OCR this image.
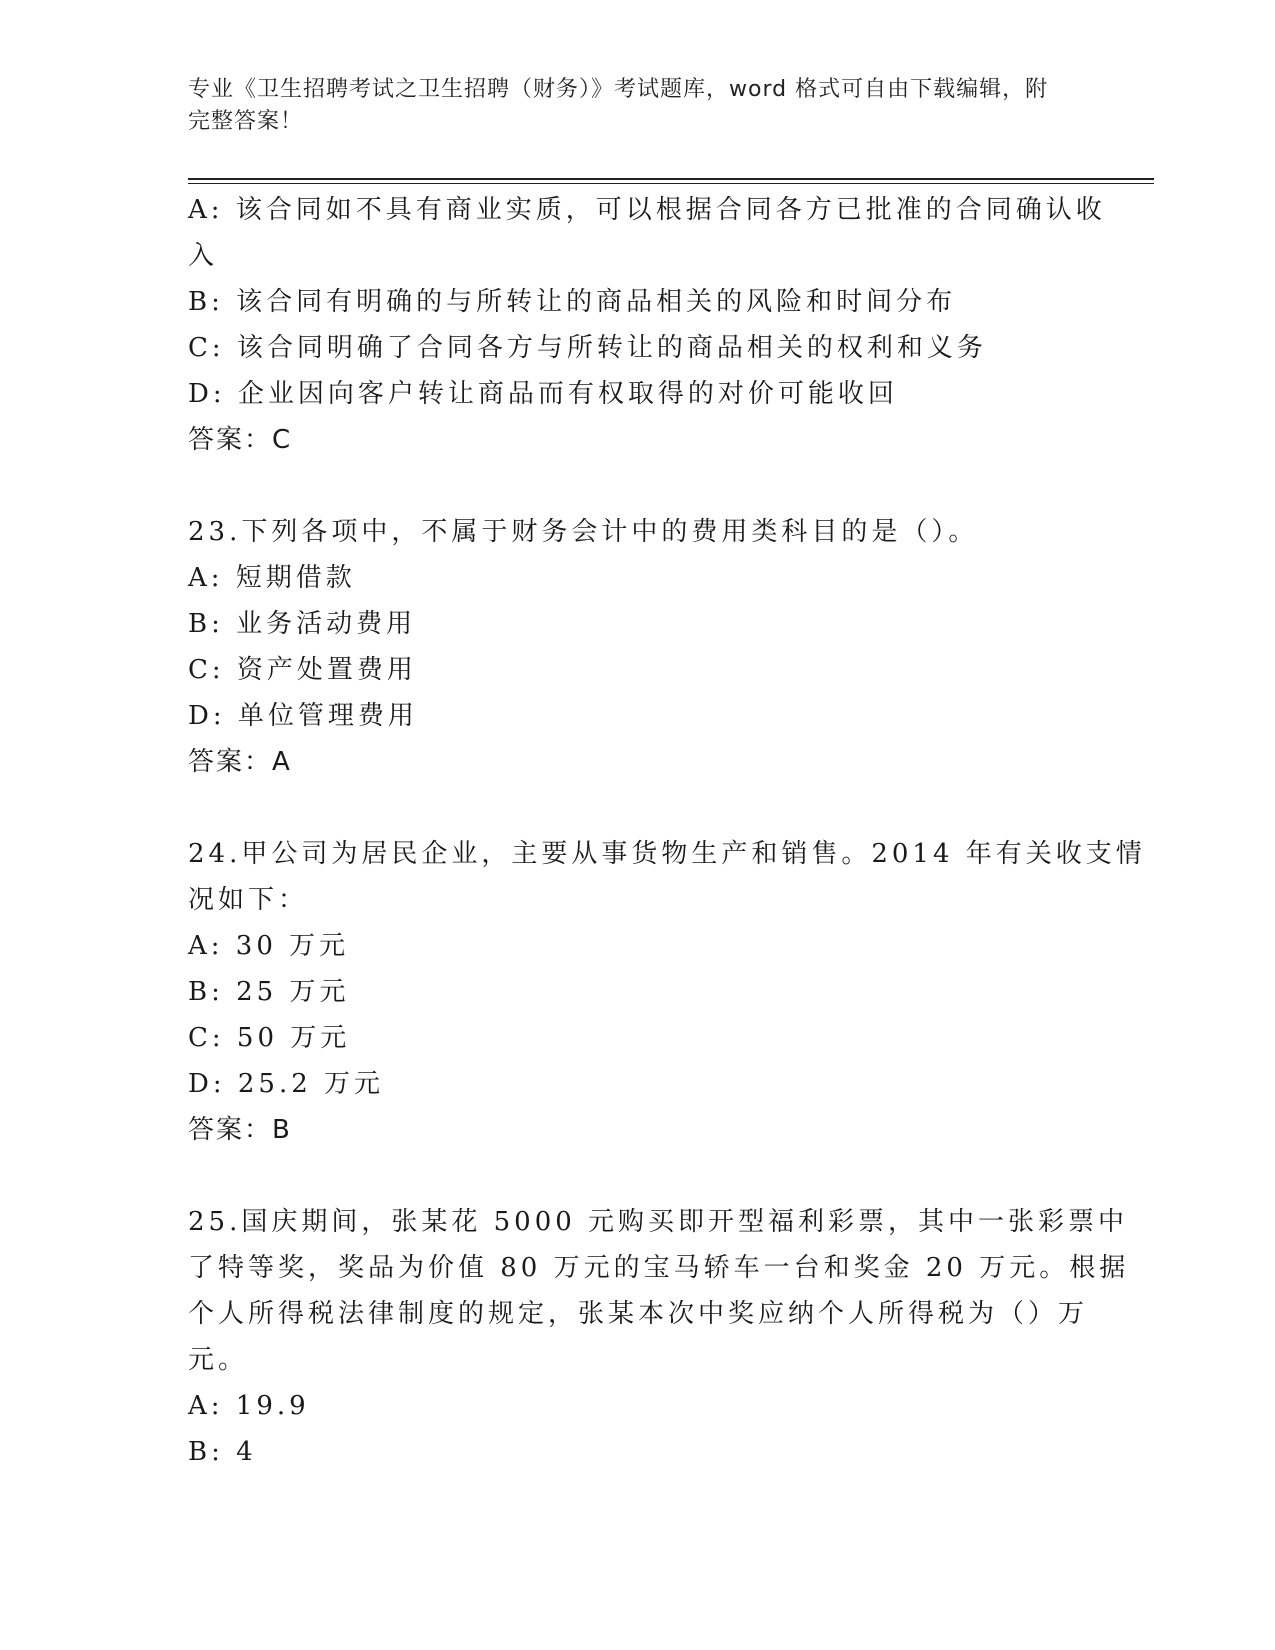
专业《卫生招聘考试之卫生招聘（财务）》考试题库，word 格式可自由下载编辑，附完整答案！

A: 该合同如不具有商业实质，可以根据合同各方已批准的合同确认收

入

B: 该合同有明确的与所转让的商品相关的风险和时间分布

C: 该合同明确了合同各方与所转让的商品相关的权利和义务

D: 企业因向客户转让商品而有权取得的对价可能收回

答案：C

23.下列各项中，不属于财务会计中的费用类科目的是（）。

A: 短期借款

B: 业务活动费用

C: 资产处置费用

D: 单位管理费用

答案：A

24.甲公司为居民企业，主要从事货物生产和销售。2014 年有关收支情

况如下：

A: 30 万元

B: 25 万元

C: 50 万元

D: 25.2 万元

答案：B

25.国庆期间，张某花 5000 元购买即开型福利彩票，其中一张彩票中

了特等奖，奖品为价值 80 万元的宝马轿车一台和奖金 20 万元。根据

个人所得税法律制度的规定，张某本次中奖应纳个人所得税为（）万

元。

A: 19.9

B: 4
